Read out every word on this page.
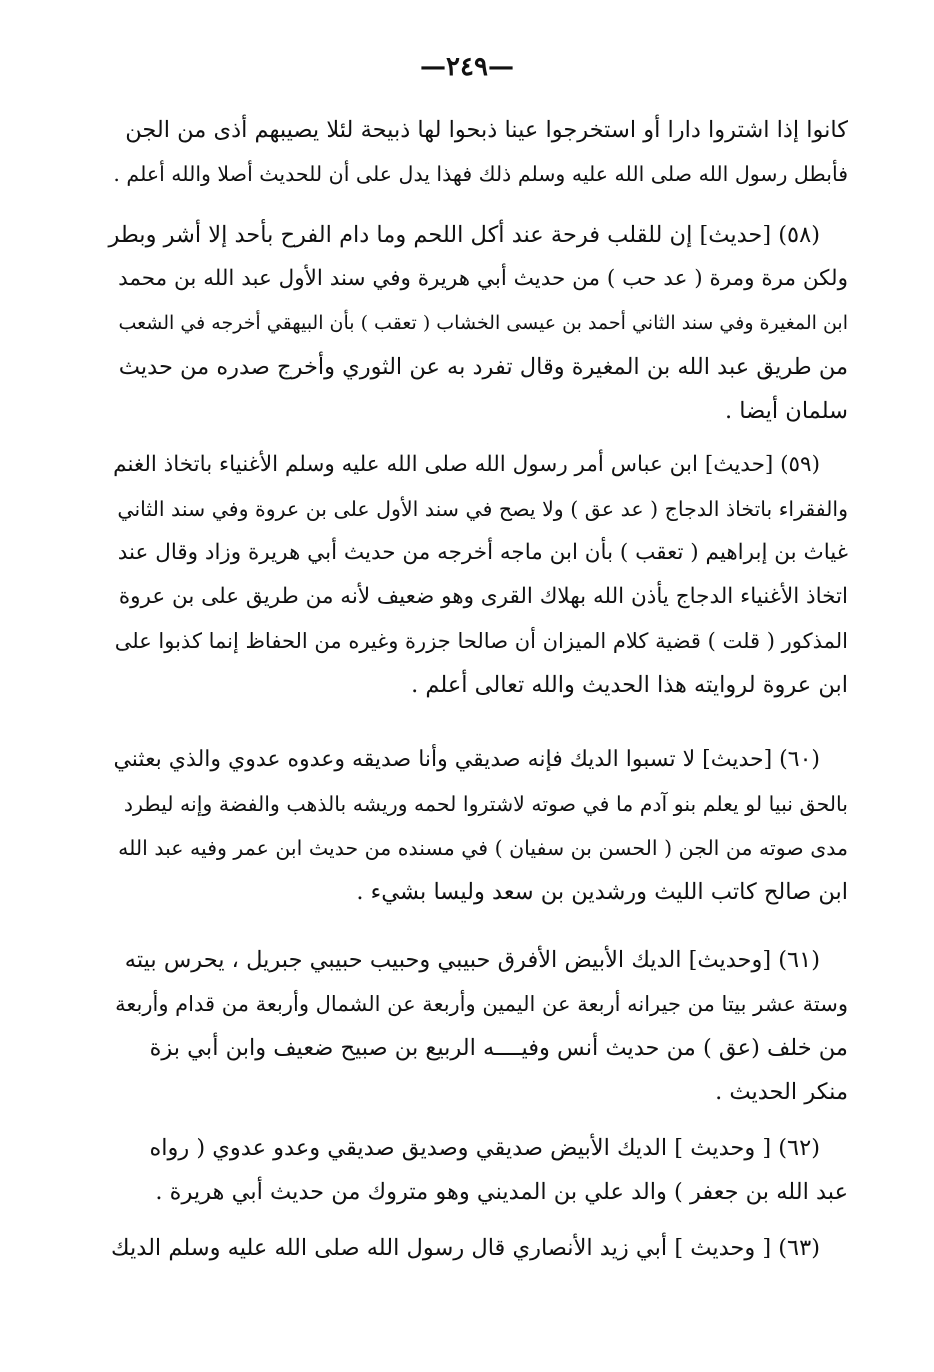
—٢٤٩—
كانوا إذا اشتروا دارا أو استخرجوا عينا ذبحوا لها ذبيحة لئلا يصيبهم أذى من الجن
فأبطل رسول الله صلى الله عليه وسلم ذلك فهذا يدل على أن للحديث أصلا والله أعلم .
(٥٨) [حديث] إن للقلب فرحة عند أكل اللحم وما دام الفرح بأحد إلا أشر وبطر
ولكن مرة ومرة ( عد حب ) من حديث أبي هريرة وفي سند الأول عبد الله بن محمد
ابن المغيرة وفي سند الثاني أحمد بن عيسى الخشاب ( تعقب ) بأن البيهقي أخرجه في الشعب
من طريق عبد الله بن المغيرة وقال تفرد به عن الثوري وأخرج صدره من حديث
سلمان أيضا .
(٥٩) [حديث] ابن عباس أمر رسول الله صلى الله عليه وسلم الأغنياء باتخاذ الغنم
والفقراء باتخاذ الدجاج ( عد عق ) ولا يصح في سند الأول على بن عروة وفي سند الثاني
غياث بن إبراهيم ( تعقب ) بأن ابن ماجه أخرجه من حديث أبي هريرة وزاد وقال عند
اتخاذ الأغنياء الدجاج يأذن الله بهلاك القرى وهو ضعيف لأنه من طريق على بن عروة
المذكور ( قلت ) قضية كلام الميزان أن صالحا جزرة وغيره من الحفاظ إنما كذبوا على
ابن عروة لروايته هذا الحديث والله تعالى أعلم .
(٦٠) [حديث] لا تسبوا الديك فإنه صديقي وأنا صديقه وعدوه عدوي والذي بعثني
بالحق نبيا لو يعلم بنو آدم ما في صوته لاشتروا لحمه وريشه بالذهب والفضة وإنه ليطرد
مدى صوته من الجن ( الحسن بن سفيان ) في مسنده من حديث ابن عمر وفيه عبد الله
ابن صالح كاتب الليث ورشدين بن سعد وليسا بشيء .
(٦١) [وحديث] الديك الأبيض الأفرق حبيبي وحبيب حبيبي جبريل ، يحرس بيته
وستة عشر بيتا من جيرانه أربعة عن اليمين وأربعة عن الشمال وأربعة من قدام وأربعة
من خلف (عق ) من حديث أنس وفيــــه الربيع بن صبيح ضعيف وابن أبي بزة
منكر الحديث .
(٦٢) [ وحديث ] الديك الأبيض صديقي وصديق صديقي وعدو عدوي ( رواه
عبد الله بن جعفر ) والد علي بن المديني وهو متروك من حديث أبي هريرة .
(٦٣) [ وحديث ] أبي زيد الأنصاري قال رسول الله صلى الله عليه وسلم الديك
